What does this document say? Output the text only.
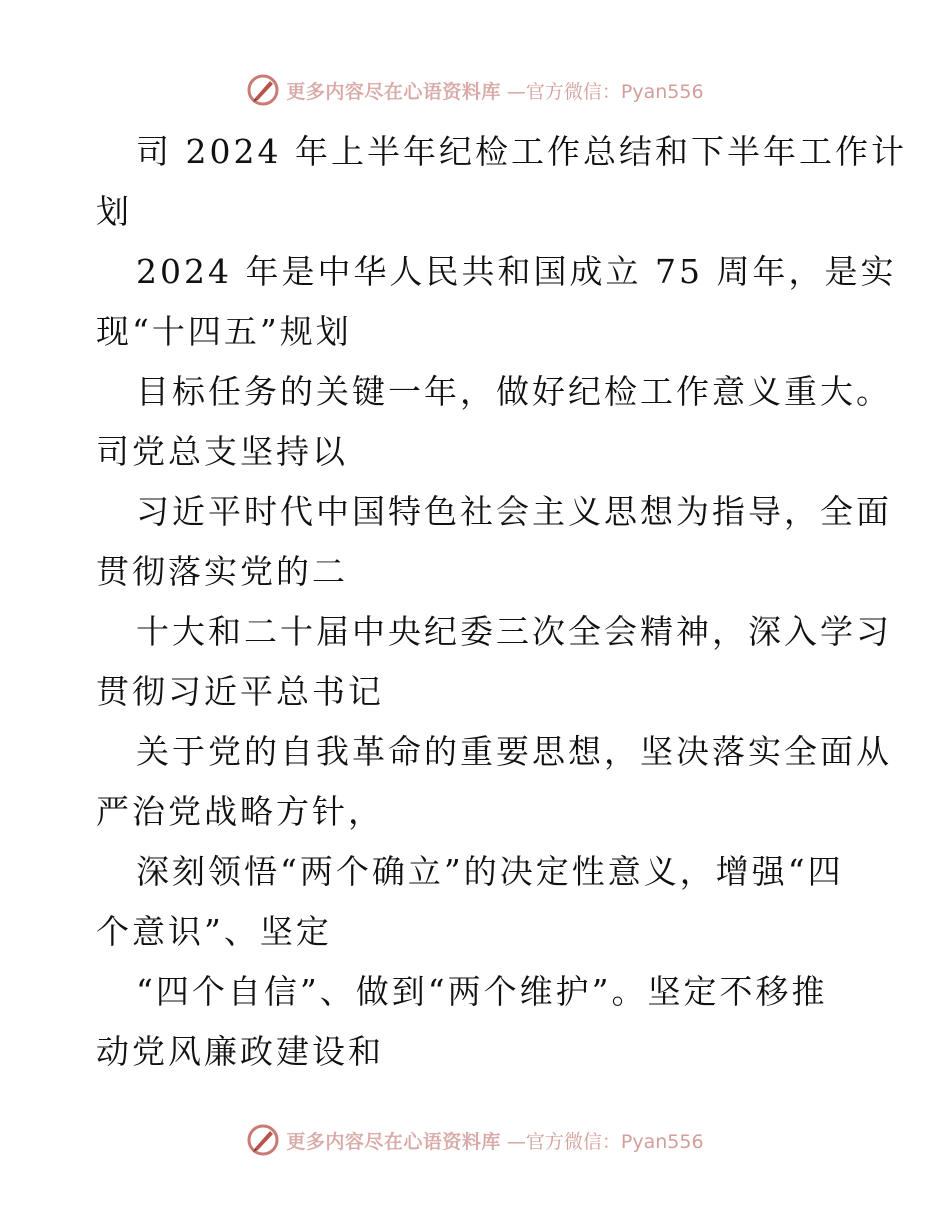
更多内容尽在心语资料库 —官方微信：Pyan556
司 2024 年上半年纪检工作总结和下半年工作计
划
2024 年是中华人民共和国成立 75 周年，是实
现“十四五”规划
目标任务的关键一年，做好纪检工作意义重大。
司党总支坚持以
习近平时代中国特色社会主义思想为指导，全面
贯彻落实党的二
十大和二十届中央纪委三次全会精神，深入学习
贯彻习近平总书记
关于党的自我革命的重要思想，坚决落实全面从
严治党战略方针，
深刻领悟“两个确立”的决定性意义，增强“四
个意识”、坚定
“四个自信”、做到“两个维护”。坚定不移推
动党风廉政建设和
更多内容尽在心语资料库 —官方微信：Pyan556
